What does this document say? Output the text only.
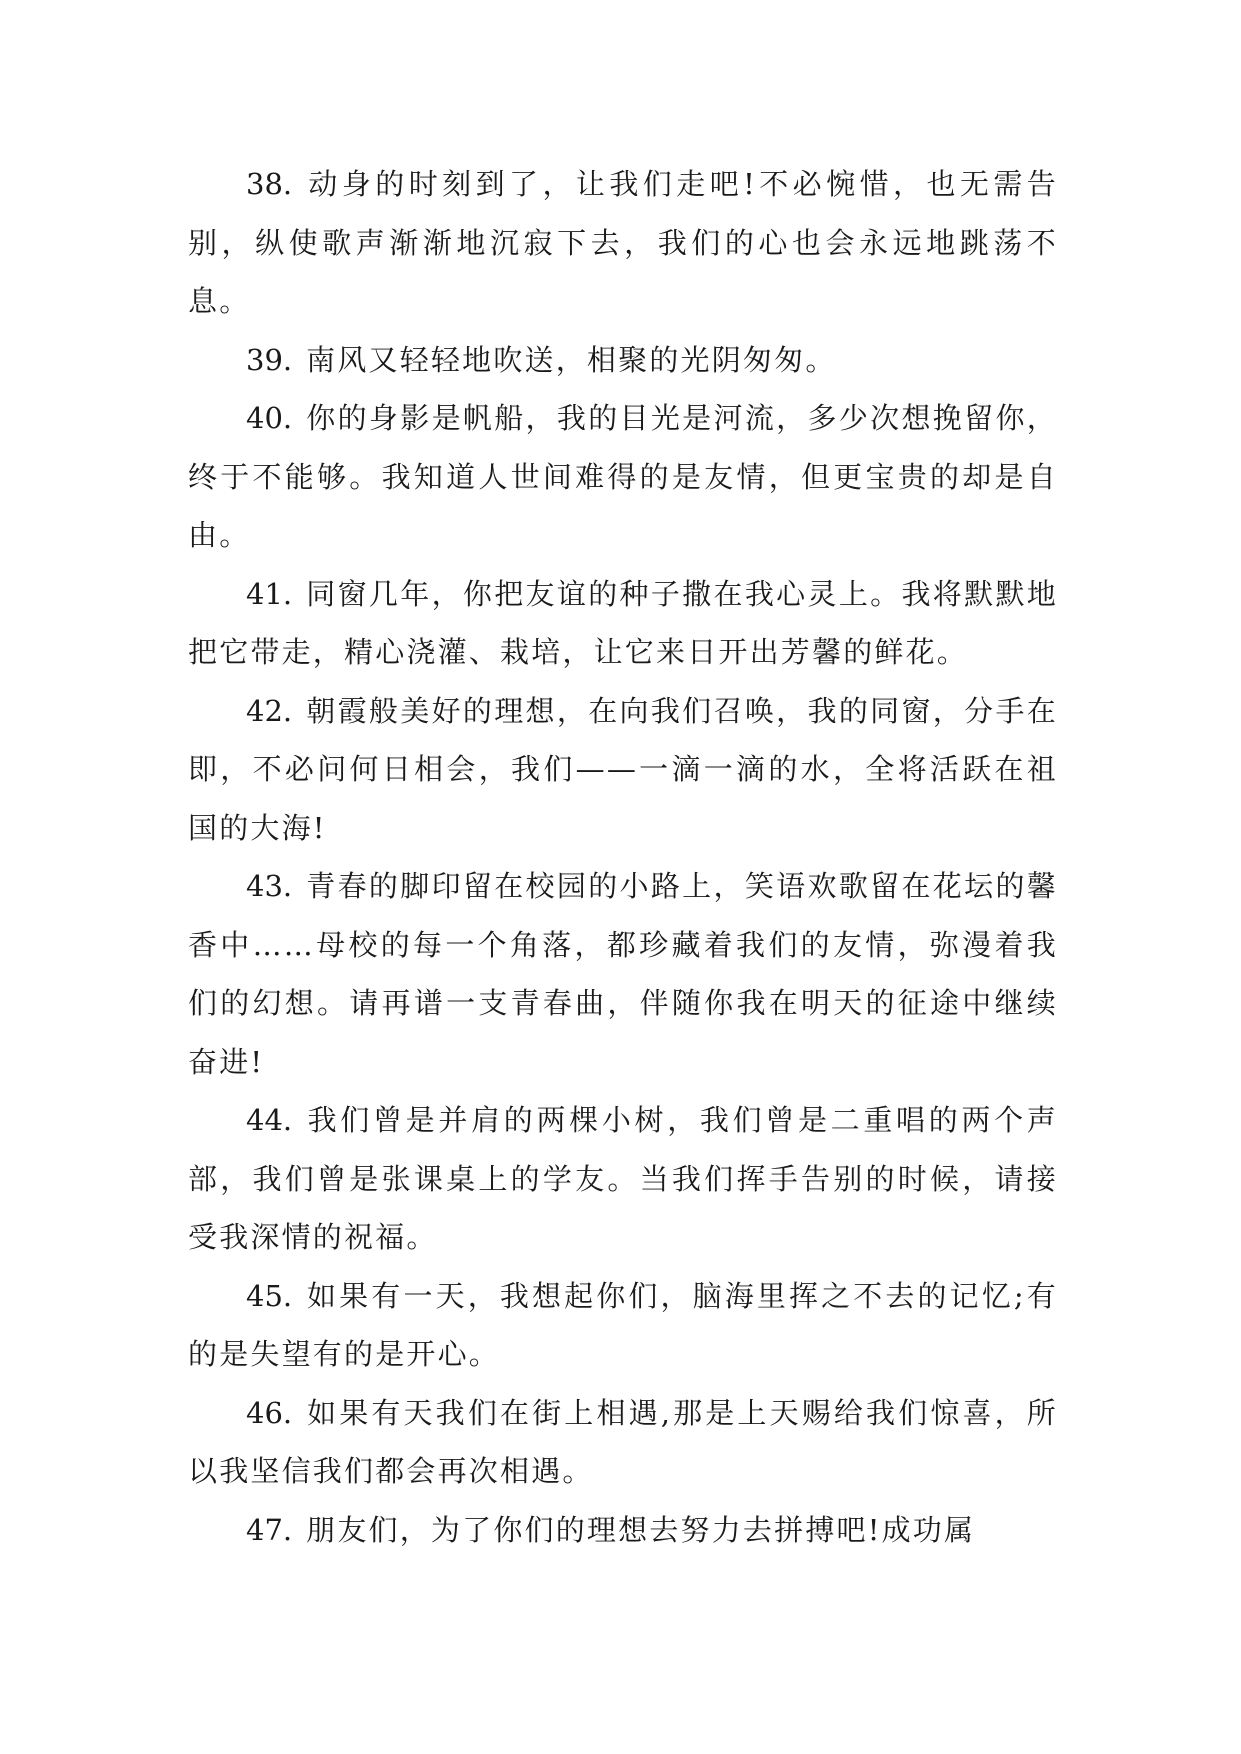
38. 动身的时刻到了，让我们走吧!不必惋惜，也无需告别，纵使歌声渐渐地沉寂下去，我们的心也会永远地跳荡不息。

39. 南风又轻轻地吹送，相聚的光阴匆匆。

40. 你的身影是帆船，我的目光是河流，多少次想挽留你，终于不能够。我知道人世间难得的是友情，但更宝贵的却是自由。

41. 同窗几年，你把友谊的种子撒在我心灵上。我将默默地把它带走，精心浇灌、栽培，让它来日开出芳馨的鲜花。

42. 朝霞般美好的理想，在向我们召唤，我的同窗，分手在即，不必问何日相会，我们——一滴一滴的水，全将活跃在祖国的大海!

43. 青春的脚印留在校园的小路上，笑语欢歌留在花坛的馨香中……母校的每一个角落，都珍藏着我们的友情，弥漫着我们的幻想。请再谱一支青春曲，伴随你我在明天的征途中继续奋进!

44. 我们曾是并肩的两棵小树，我们曾是二重唱的两个声部，我们曾是张课桌上的学友。当我们挥手告别的时候，请接受我深情的祝福。

45. 如果有一天，我想起你们，脑海里挥之不去的记忆;有的是失望有的是开心。

46. 如果有天我们在街上相遇,那是上天赐给我们惊喜，所以我坚信我们都会再次相遇。

47. 朋友们，为了你们的理想去努力去拼搏吧!成功属
